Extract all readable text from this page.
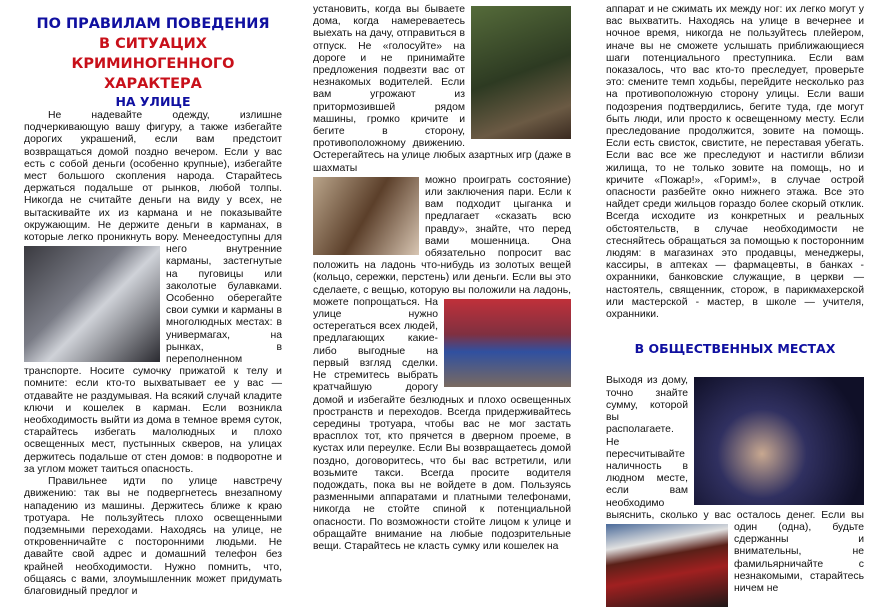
ПО ПРАВИЛАМ ПОВЕДЕНИЯ
В СИТУАЦИХ
КРИМИНОГЕННОГО
ХАРАКТЕРА
НА УЛИЦЕ

Не надевайте одежду, излишне подчеркивающую вашу фигуру, а также избегайте дорогих украшений, если вам предстоит возвращаться домой поздно вечером. Если у вас есть с собой деньги (особенно крупные), избегайте мест большого скопления народа. Старайтесь держаться подальше от рынков, любой толпы. Никогда не считайте деньги на виду у всех, не вытаскивайте их из кармана и не показывайте окружающим. Не держите деньги в карманах, в которые легко проникнуть вору. Менее
доступны для него внутренние карманы, застегнутые на пуговицы или заколотые булавками. Особенно оберегайте свои сумки и карманы в многолюдных местах: в универмагах, на рынках, в переполненном транспорте. Носите сумочку прижатой к телу и помните: если кто-то выхватывает ее у вас — отдавайте не раздумывая. На всякий случай кладите ключи и кошелек в карман. Если возникла необходимость выйти из дома в темное время суток, старайтесь избегать малолюдных и плохо освещенных мест, пустынных скверов, на улицах держитесь подальше от стен домов: в подворотне и за углом может таиться опасность.

Правильнее идти по улице навстречу движению: так вы не подвергнетесь внезапному нападению из машины. Держитесь ближе к краю тротуара. Не пользуйтесь плохо освещенными подземными переходами. Находясь на улице, не откровенничайте с посторонними людьми. Не давайте свой адрес и домашний телефон без крайней необходимости. Нужно помнить, что, общаясь с вами, злоумышленник может придумать благовидный предлог и

установить, когда вы бываете дома, когда намереваетесь выехать на дачу, отправиться в отпуск. Не «голосуйте» на дороге и не принимайте предложения подвезти вас от незнакомых водителей. Если вам угрожают из притормозившей рядом машины, громко кричите и бегите в сторону, противоположному движению. Остерегайтесь на улице любых азартных игр (даже в шахматы

можно проиграть состояние) или заключения пари. Если к вам подходит цыганка и предлагает «сказать всю правду», знайте, что перед вами мошенница. Она обязательно попросит вас положить на ладонь что-нибудь из золотых вещей (кольцо, сережки, перстень) или деньги. Если вы это сделаете, с вещью, которую вы положили на ладонь, можете попрощаться. На улице нужно остерегаться всех людей, предлагающих какие-либо выгодные на первый взгляд сделки. Не стремитесь выбрать кратчайшую дорогу домой и избегайте безлюдных и плохо освещенных пространств и переходов. Всегда придерживайтесь середины тротуара, чтобы вас не мог застать врасплох тот, кто прячется в дверном проеме, в кустах или переулке. Если Вы возвращаетесь домой поздно, договоритесь, что бы вас встретили, или возьмите такси. Всегда просите водителя подождать, пока вы не войдете в дом. Пользуясь разменными аппаратами и платными телефонами, никогда не стойте спиной к потенциальной опасности. По возможности стойте лицом к улице и обращайте внимание на любые подозрительные вещи. Старайтесь не класть сумку или кошелек на

аппарат и не сжимать их между ног: их легко могут у вас выхватить. Находясь на улице в вечернее и ночное время, никогда не пользуйтесь плейером, иначе вы не сможете услышать приближающиеся шаги потенциального преступника. Если вам показалось, что вас кто-то преследует, проверьте это: смените темп ходьбы, перейдите несколько раз на противоположную сторону улицы. Если ваши подозрения подтвердились, бегите туда, где могут быть люди, или просто к освещенному месту. Если преследование продолжится, зовите на помощь. Если есть свисток, свистите, не переставая убегать. Если вас все же преследуют и настигли вблизи жилища, то не только зовите на помощь, но и кричите «Пожар!», «Горим!», в случае острой опасности разбейте окно нижнего этажа. Все это найдет среди жильцов гораздо более скорый отклик. Всегда исходите из конкретных и реальных обстоятельств, в случае необходимости не стесняйтесь обращаться за помощью к посторонним людям: в магазинах это продавцы, менеджеры, кассиры, в аптеках — фармацевты, в банках - охранники, банковские служащие, в церкви — настоятель, священник, сторож, в парикмахерской или мастерской - мастер, в школе — учителя, охранники.

В ОБЩЕСТВЕННЫХ МЕСТАХ

Выходя из дому, точно знайте сумму, которой вы располагаете. Не пересчитывайте наличность в людном месте, если вам необходимо выяснить, сколько у вас осталось денег. Если вы один (одна), будьте сдержанны и внимательны, не фамильярничайте с незнакомыми, старайтесь ничем не
